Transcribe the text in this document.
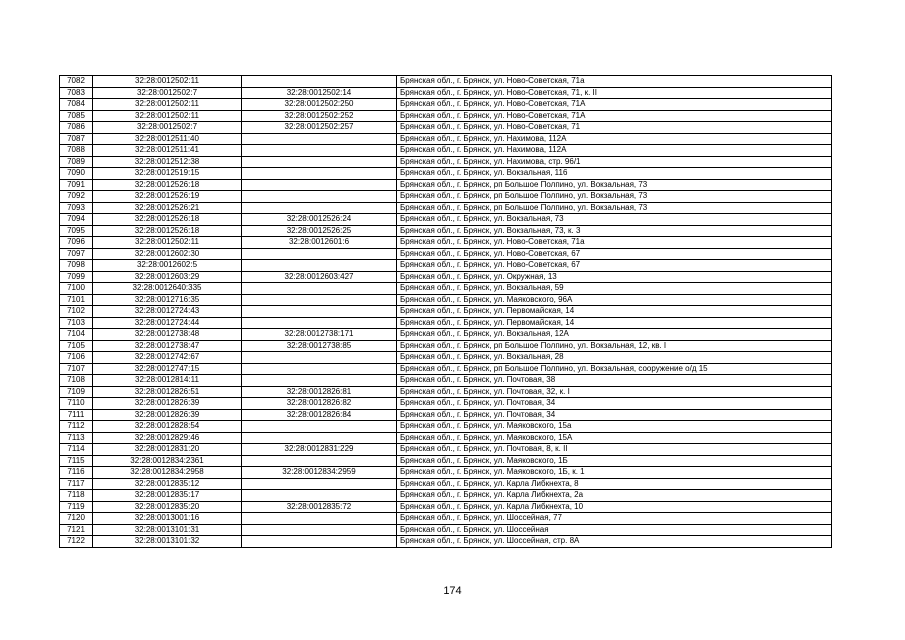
7082	32:28:0012502:11		Брянская обл., г. Брянск, ул. Ново-Советская, 71а
7083	32:28:0012502:7	32:28:0012502:14	Брянская обл., г. Брянск, ул. Ново-Советская, 71, к. II
7084	32:28:0012502:11	32:28:0012502:250	Брянская обл., г. Брянск, ул. Ново-Советская, 71А
7085	32:28:0012502:11	32:28:0012502:252	Брянская обл., г. Брянск, ул. Ново-Советская, 71А
7086	32:28:0012502:7	32:28:0012502:257	Брянская обл., г. Брянск, ул. Ново-Советская, 71
7087	32:28:0012511:40		Брянская обл., г. Брянск, ул. Нахимова, 112А
7088	32:28:0012511:41		Брянская обл., г. Брянск, ул. Нахимова, 112А
7089	32:28:0012512:38		Брянская обл., г. Брянск, ул. Нахимова, стр. 96/1
7090	32:28:0012519:15		Брянская обл., г. Брянск, ул. Вокзальная, 116
7091	32:28:0012526:18		Брянская обл., г. Брянск, рп Большое Полпино, ул. Вокзальная, 73
7092	32:28:0012526:19		Брянская обл., г. Брянск, рп Большое Полпино, ул. Вокзальная, 73
7093	32:28:0012526:21		Брянская обл., г. Брянск, рп Большое Полпино, ул. Вокзальная, 73
7094	32:28:0012526:18	32:28:0012526:24	Брянская обл., г. Брянск, ул. Вокзальная, 73
7095	32:28:0012526:18	32:28:0012526:25	Брянская обл., г. Брянск, ул. Вокзальная, 73, к. 3
7096	32:28:0012502:11	32:28:0012601:6	Брянская обл., г. Брянск, ул. Ново-Советская, 71а
7097	32:28:0012602:30		Брянская обл., г. Брянск, ул. Ново-Советская, 67
7098	32:28:0012602:5		Брянская обл., г. Брянск, ул. Ново-Советская, 67
7099	32:28:0012603:29	32:28:0012603:427	Брянская обл., г. Брянск, ул. Окружная, 13
7100	32:28:0012640:335		Брянская обл., г. Брянск, ул. Вокзальная, 59
7101	32:28:0012716:35		Брянская обл., г. Брянск, ул. Маяковского, 96А
7102	32:28:0012724:43		Брянская обл., г. Брянск, ул. Первомайская, 14
7103	32:28:0012724:44		Брянская обл., г. Брянск, ул. Первомайская, 14
7104	32:28:0012738:48	32:28:0012738:171	Брянская обл., г. Брянск, ул. Вокзальная, 12А
7105	32:28:0012738:47	32:28:0012738:85	Брянская обл., г. Брянск, рп Большое Полпино, ул. Вокзальная, 12, кв. I
7106	32:28:0012742:67		Брянская обл., г. Брянск, ул. Вокзальная, 28
7107	32:28:0012747:15		Брянская обл., г. Брянск, рп Большое Полпино, ул. Вокзальная, сооружение о/д 15
7108	32:28:0012814:11		Брянская обл., г. Брянск, ул. Почтовая, 38
7109	32:28:0012826:51	32:28:0012826:81	Брянская обл., г. Брянск, ул. Почтовая, 32, к. I
7110	32:28:0012826:39	32:28:0012826:82	Брянская обл., г. Брянск, ул. Почтовая, 34
7111	32:28:0012826:39	32:28:0012826:84	Брянская обл., г. Брянск, ул. Почтовая, 34
7112	32:28:0012828:54		Брянская обл., г. Брянск, ул. Маяковского, 15а
7113	32:28:0012829:46		Брянская обл., г. Брянск, ул. Маяковского, 15А
7114	32:28:0012831:20	32:28:0012831:229	Брянская обл., г. Брянск, ул. Почтовая, 8, к. II
7115	32:28:0012834:2361		Брянская обл., г. Брянск, ул. Маяковского, 1Б
7116	32:28:0012834:2958	32:28:0012834:2959	Брянская обл., г. Брянск, ул. Маяковского, 1Б, к. 1
7117	32:28:0012835:12		Брянская обл., г. Брянск, ул. Карла Либкнехта, 8
7118	32:28:0012835:17		Брянская обл., г. Брянск, ул. Карла Либкнехта, 2а
7119	32:28:0012835:20	32:28:0012835:72	Брянская обл., г. Брянск, ул. Карла Либкнехта, 10
7120	32:28:0013001:16		Брянская обл., г. Брянск, ул. Шоссейная, 77
7121	32:28:0013101:31		Брянская обл., г. Брянск, ул. Шоссейная
7122	32:28:0013101:32		Брянская обл., г. Брянск, ул. Шоссейная, стр. 8А
174
